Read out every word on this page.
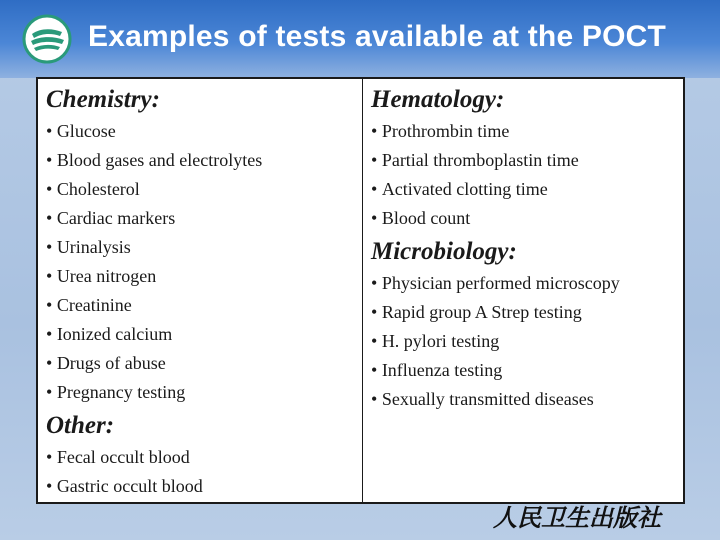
Examples of tests available at the POCT
Chemistry:
• Glucose
• Blood gases and electrolytes
• Cholesterol
• Cardiac markers
• Urinalysis
• Urea nitrogen
• Creatinine
• Ionized calcium
• Drugs of abuse
• Pregnancy testing
Other:
• Fecal occult blood
• Gastric occult blood
Hematology:
• Prothrombin time
• Partial thromboplastin time
• Activated clotting time
• Blood count
Microbiology:
• Physician performed microscopy
• Rapid group A Strep testing
• H. pylori testing
• Influenza testing
• Sexually transmitted diseases
人民卫生出版社
